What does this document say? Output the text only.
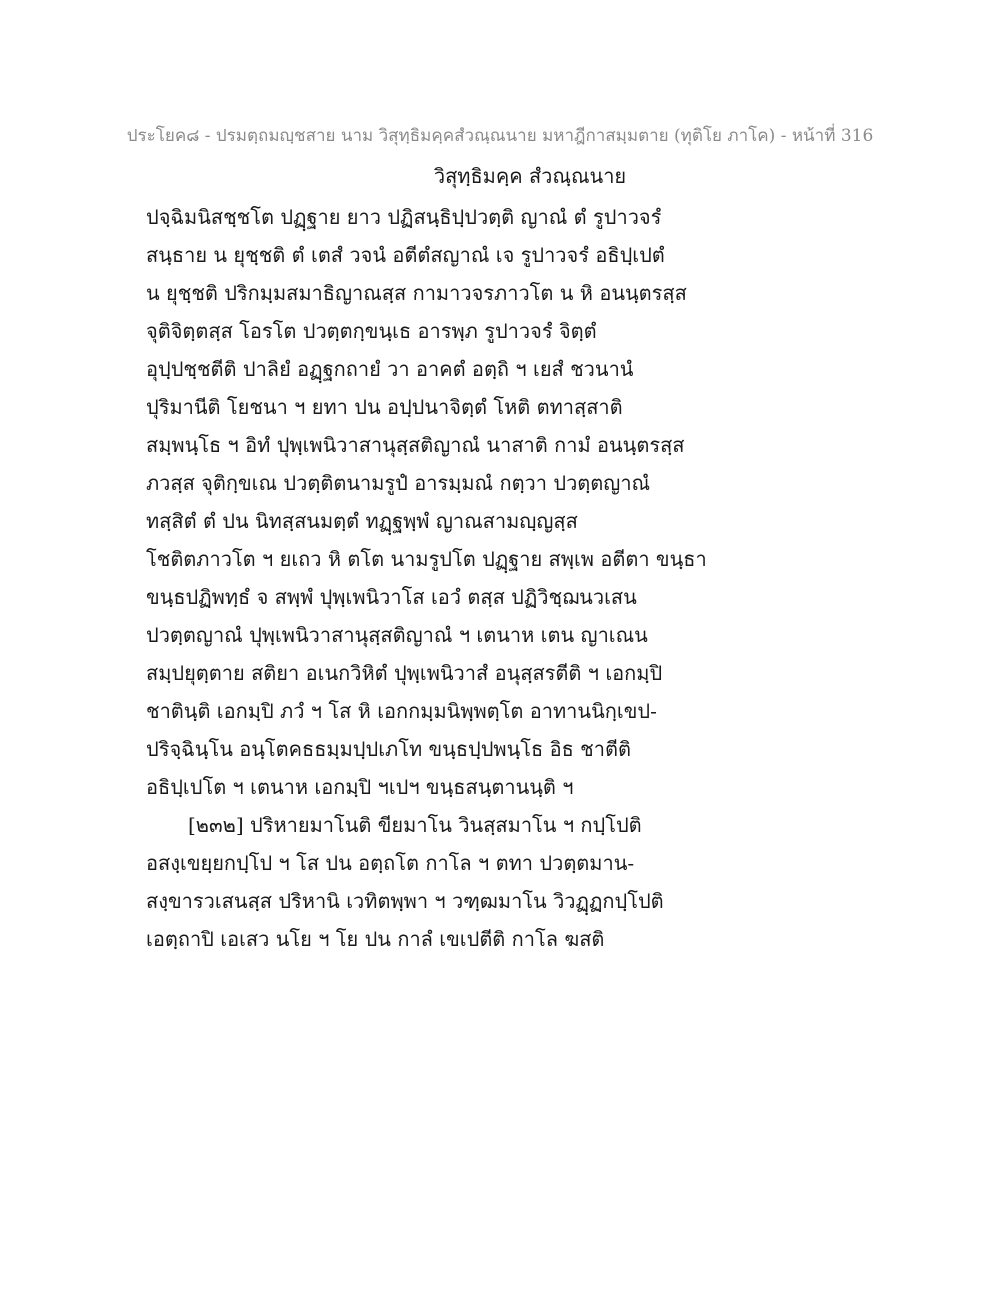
ประโยค๘ - ปรมตฺถมญฺชสาย นาม วิสุทฺธิมคฺคสํวณฺณนาย มหาฎีกาสมฺมตาย (ทุติโย ภาโค) - หน้าที่ 316
วิสุทฺธิมคฺค สํวณฺณนาย
ปจฺฉิมนิสชฺชโต ปฏฺฐาย ยาว ปฏิสนฺธิปฺปวตฺติ ญาณํ ตํ รูปาวจรํ
สนฺธาย น ยุชฺชติ ตํ เตสํ วจนํ อตีตํสญาณํ เจ รูปาวจรํ อธิปฺเปตํ
น ยุชฺชติ ปริกมฺมสมาธิญาณสฺส กามาวจรภาวโต น หิ อนนฺตรสฺส
จุติจิตฺตสฺส โอรโต ปวตฺตกฺขนฺเธ อารพฺภ รูปาวจรํ จิตฺตํ
อุปฺปชฺชตีติ ปาลิยํ อฏฺฐกถายํ วา อาคตํ อตฺถิ ฯ เยสํ ชวนานํ
ปุริมานีติ โยชนา ฯ ยทา ปน อปฺปนาจิตฺตํ โหติ ตทาสฺสาติ
สมฺพนฺโธ ฯ อิทํ ปุพฺเพนิวาสานุสฺสติญาณํ นาสาติ กามํ อนนฺตรสฺส
ภวสฺส จุติกฺขเณ ปวตฺติตนามรูปํ อารมฺมณํ กตฺวา ปวตฺตญาณํ
ทสฺสิตํ ตํ ปน นิทสฺสนมตฺตํ ทฏฺฐพฺพํ ญาณสามญฺญสฺส
โชติตภาวโต ฯ ยเถว หิ ตโต นามรูปโต ปฏฺฐาย สพฺเพ อตีตา ขนฺธา
ขนฺธปฏิพทฺธํ จ สพฺพํ ปุพฺเพนิวาโส เอวํ ตสฺส ปฏิวิชฺฌนวเสน
ปวตฺตญาณํ ปุพฺเพนิวาสานุสฺสติญาณํ ฯ เตนาห เตน ญาเณน
สมฺปยุตฺตาย สติยา อเนกวิหิตํ ปุพฺเพนิวาสํ อนุสฺสรตีติ ฯ เอกมฺปิ
ชาตินฺติ เอกมฺปิ ภวํ ฯ โส หิ เอกกมฺมนิพฺพตฺโต อาทานนิกฺเขป-
ปริจฺฉินฺโน อนฺโตคธธมฺมปฺปเภโท ขนฺธปฺปพนฺโธ อิธ ชาตีติ
อธิปฺเปโต ฯ เตนาห เอกมฺปิ ฯเปฯ ขนฺธสนฺตานนฺติ ฯ
[๒๓๒] ปริหายมาโนติ ขียมาโน วินสฺสมาโน ฯ กปฺโปติ
อสงฺเขยฺยกปฺโป ฯ โส ปน อตฺถโต กาโล ฯ ตทา ปวตฺตมาน-
สงฺขารวเสนสฺส ปริหานิ เวทิตพฺพา ฯ วฑฺฒมาโน วิวฏฺฏกปฺโปติ
เอตฺถาปิ เอเสว นโย ฯ โย ปน กาลํ เขเปตีติ กาโล ฆสติ
